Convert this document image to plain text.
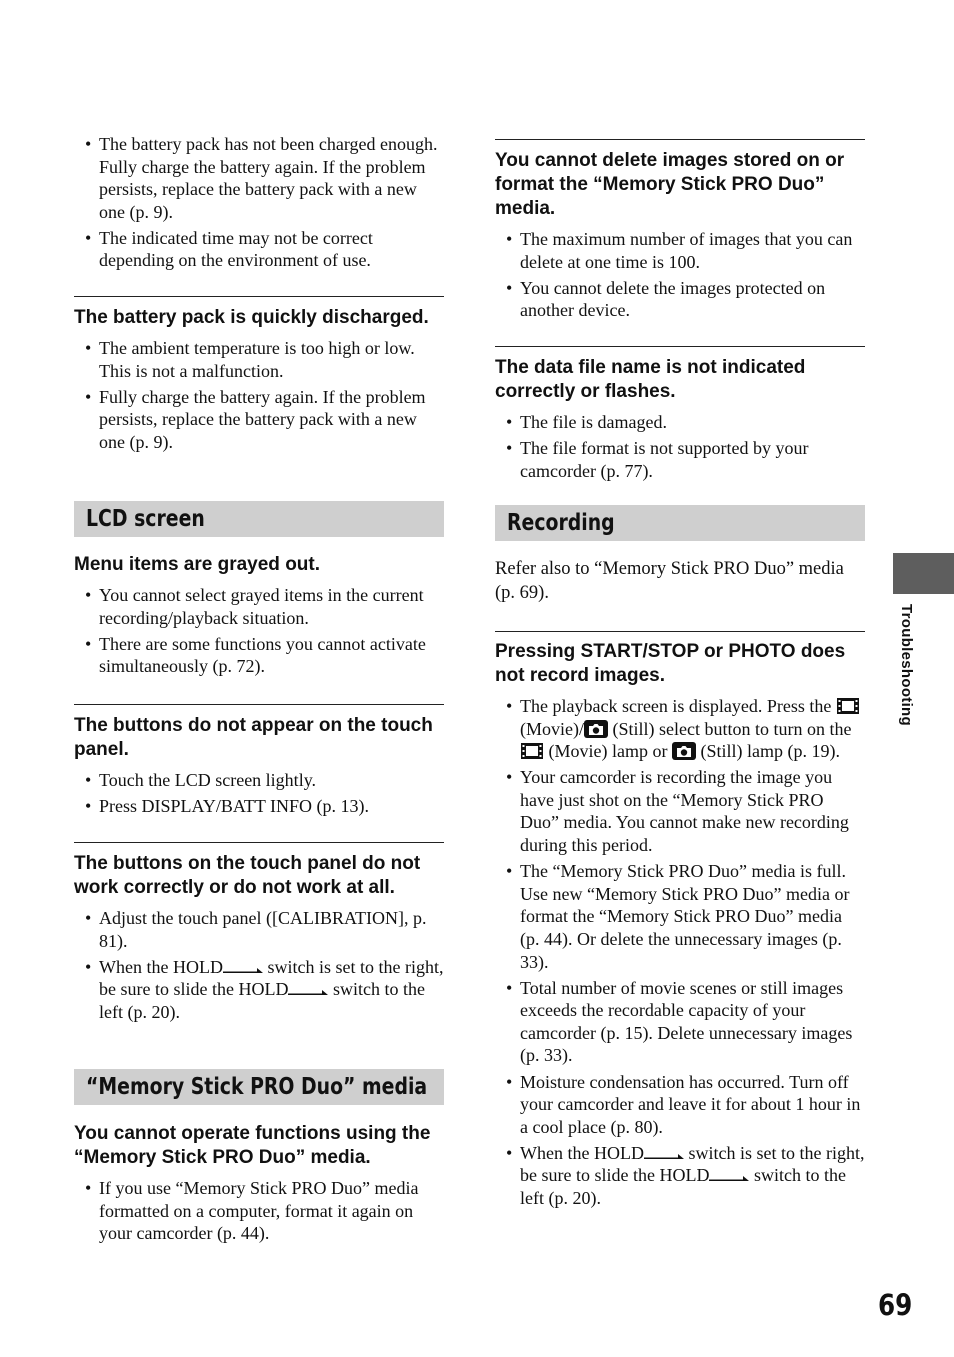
• The battery pack has not been charged enough. Fully charge the battery again. If the problem persists, replace the battery pack with a new one (p. 9).
• The indicated time may not be correct depending on the environment of use.
The battery pack is quickly discharged.
• The ambient temperature is too high or low. This is not a malfunction.
• Fully charge the battery again. If the problem persists, replace the battery pack with a new one (p. 9).
LCD screen
Menu items are grayed out.
• You cannot select grayed items in the current recording/playback situation.
• There are some functions you cannot activate simultaneously (p. 72).
The buttons do not appear on the touch panel.
• Touch the LCD screen lightly.
• Press DISPLAY/BATT INFO (p. 13).
The buttons on the touch panel do not work correctly or do not work at all.
• Adjust the touch panel ([CALIBRATION], p. 81).
• When the HOLD switch is set to the right, be sure to slide the HOLD switch to the left (p. 20).
“Memory Stick PRO Duo” media
You cannot operate functions using the “Memory Stick PRO Duo” media.
• If you use “Memory Stick PRO Duo” media formatted on a computer, format it again on your camcorder (p. 44).
You cannot delete images stored on or format the “Memory Stick PRO Duo” media.
• The maximum number of images that you can delete at one time is 100.
• You cannot delete the images protected on another device.
The data file name is not indicated correctly or flashes.
• The file is damaged.
• The file format is not supported by your camcorder (p. 77).
Recording

Refer also to “Memory Stick PRO Duo” media (p. 69).

Pressing START/STOP or PHOTO does not record images.
• The playback screen is displayed. Press the  (Movie)/ (Still) select button to turn on the  (Movie) lamp or  (Still) lamp (p. 19).
• Your camcorder is recording the image you have just shot on the “Memory Stick PRO Duo” media. You cannot make new recording during this period.
• The “Memory Stick PRO Duo” media is full. Use new “Memory Stick PRO Duo” media or format the “Memory Stick PRO Duo” media (p. 44). Or delete the unnecessary images (p. 33).
• Total number of movie scenes or still images exceeds the recordable capacity of your camcorder (p. 15). Delete unnecessary images (p. 33).
• Moisture condensation has occurred. Turn off your camcorder and leave it for about 1 hour in a cool place (p. 80).
• When the HOLD switch is set to the right, be sure to slide the HOLD switch to the left (p. 20).
Troubleshooting
69
